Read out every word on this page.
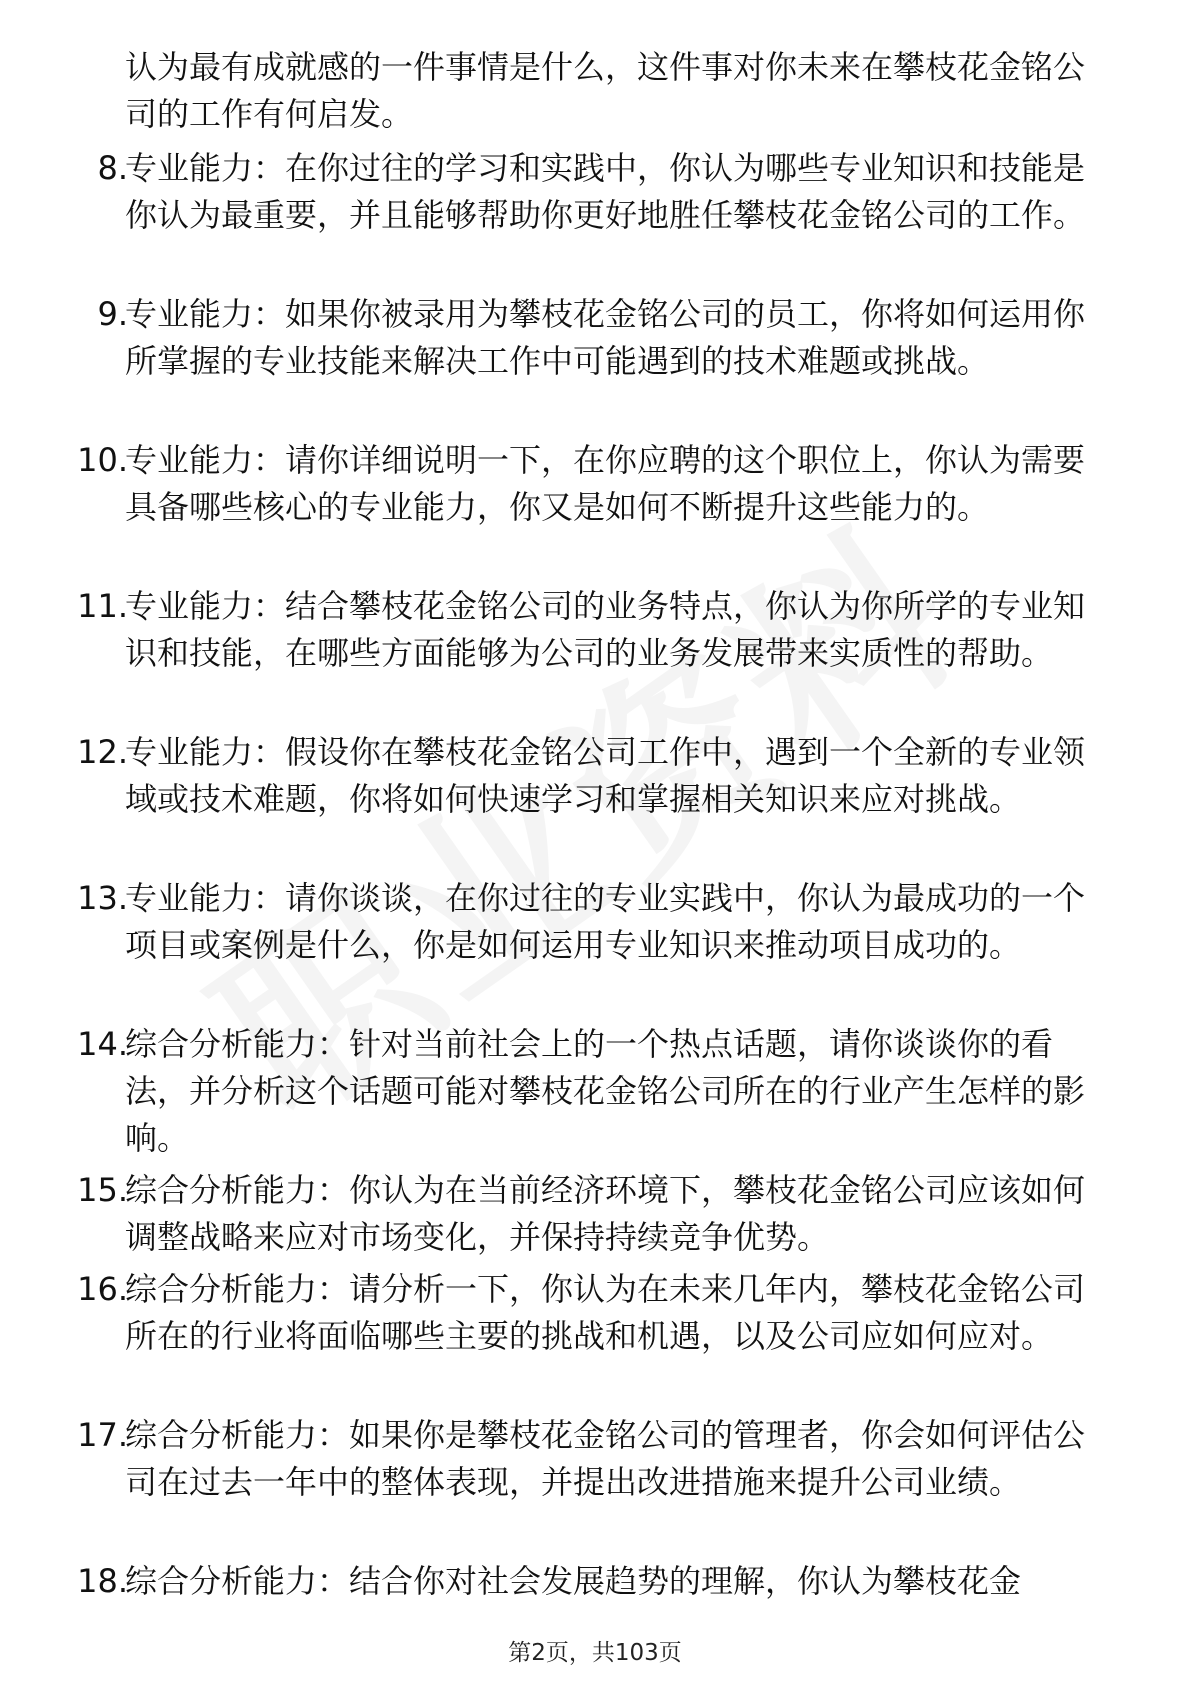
认为最有成就感的一件事情是什么，这件事对你未来在攀枝花金铭公司的工作有何启发。
8.
专业能力：在你过往的学习和实践中，你认为哪些专业知识和技能是你认为最重要，并且能够帮助你更好地胜任攀枝花金铭公司的工作。
9.
专业能力：如果你被录用为攀枝花金铭公司的员工，你将如何运用你所掌握的专业技能来解决工作中可能遇到的技术难题或挑战。
10.
专业能力：请你详细说明一下，在你应聘的这个职位上，你认为需要具备哪些核心的专业能力，你又是如何不断提升这些能力的。
11.
专业能力：结合攀枝花金铭公司的业务特点，你认为你所学的专业知识和技能，在哪些方面能够为公司的业务发展带来实质性的帮助。
12.
专业能力：假设你在攀枝花金铭公司工作中，遇到一个全新的专业领域或技术难题，你将如何快速学习和掌握相关知识来应对挑战。
13.
专业能力：请你谈谈，在你过往的专业实践中，你认为最成功的一个项目或案例是什么，你是如何运用专业知识来推动项目成功的。
14.
综合分析能力：针对当前社会上的一个热点话题，请你谈谈你的看法，并分析这个话题可能对攀枝花金铭公司所在的行业产生怎样的影响。
15.
综合分析能力：你认为在当前经济环境下，攀枝花金铭公司应该如何调整战略来应对市场变化，并保持持续竞争优势。
16.
综合分析能力：请分析一下，你认为在未来几年内，攀枝花金铭公司所在的行业将面临哪些主要的挑战和机遇，以及公司应如何应对。
17.
综合分析能力：如果你是攀枝花金铭公司的管理者，你会如何评估公司在过去一年中的整体表现，并提出改进措施来提升公司业绩。
18.
综合分析能力：结合你对社会发展趋势的理解，你认为攀枝花金
第2页，共103页
